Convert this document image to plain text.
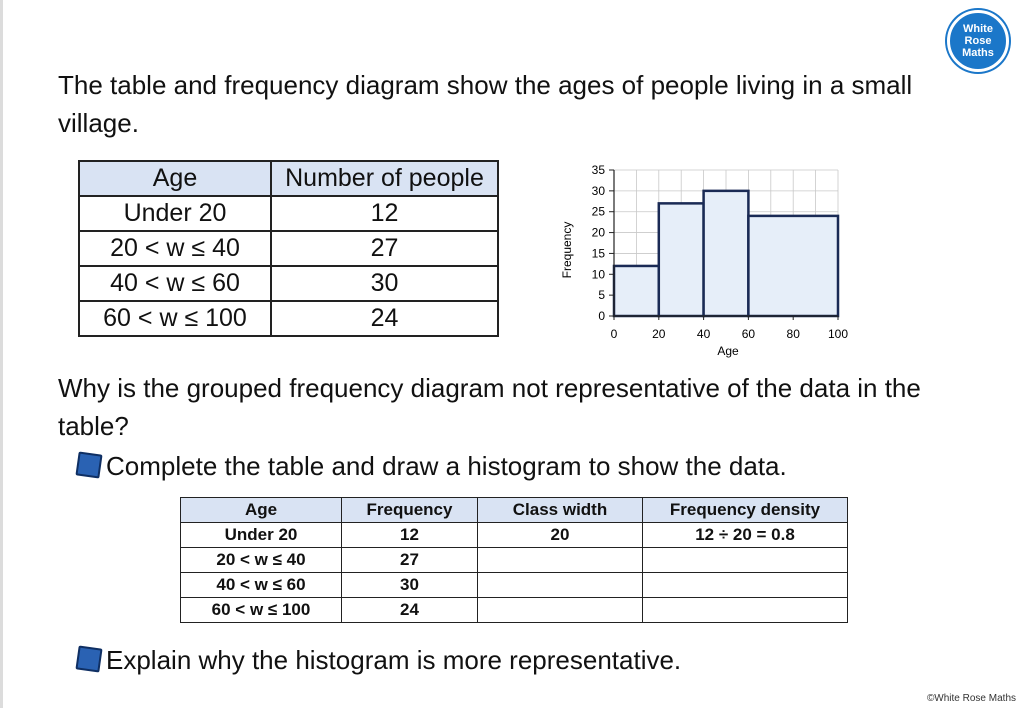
White
Rose
Maths
The table and frequency diagram show the ages of people living in a small village.
Age	Number of people
Under 20	12
20 < w ≤ 40	27
40 < w ≤ 60	30
60 < w ≤ 100	24	0
5
10
15
20
25
30
35
0	20	40	60	80 100
Age
Frequency
Why is the grouped frequency diagram not representative of the data in the table?
Complete the table and draw a histogram to show the data.
Age	Frequency	Class width	Frequency density
Under 20	12	20	12 ÷ 20 = 0.8
20 < w ≤ 40	27		
40 < w ≤ 60	30		
60 < w ≤ 100	24		
Explain why the histogram is more representative.
©White Rose Maths
